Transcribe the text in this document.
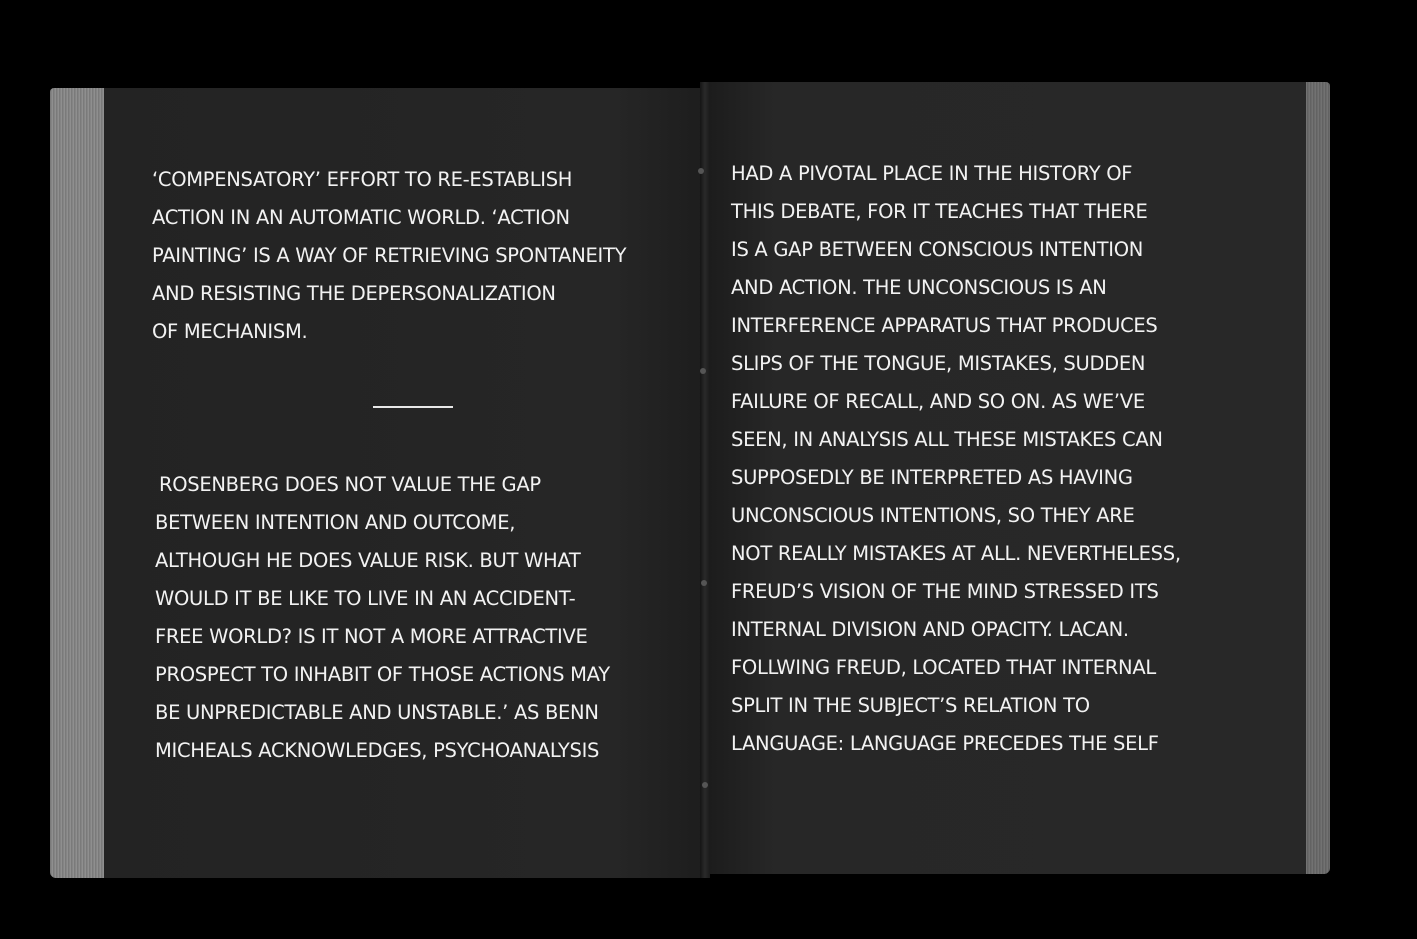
‘COMPENSATORY’ EFFORT TO RE-ESTABLISH
ACTION IN AN AUTOMATIC WORLD. ‘ACTION
PAINTING’ IS A WAY OF RETRIEVING SPONTANEITY
AND RESISTING THE DEPERSONALIZATION
OF MECHANISM.
ROSENBERG DOES NOT VALUE THE GAP
BETWEEN INTENTION AND OUTCOME,
ALTHOUGH HE DOES VALUE RISK. BUT WHAT
WOULD IT BE LIKE TO LIVE IN AN ACCIDENT-
FREE WORLD? IS IT NOT A MORE ATTRACTIVE
PROSPECT TO INHABIT OF THOSE ACTIONS MAY
BE UNPREDICTABLE AND UNSTABLE.’ AS BENN
MICHEALS ACKNOWLEDGES, PSYCHOANALYSIS
HAD A PIVOTAL PLACE IN THE HISTORY OF
THIS DEBATE, FOR IT TEACHES THAT THERE
IS A GAP BETWEEN CONSCIOUS INTENTION
AND ACTION. THE UNCONSCIOUS IS AN
INTERFERENCE APPARATUS THAT PRODUCES
SLIPS OF THE TONGUE, MISTAKES, SUDDEN
FAILURE OF RECALL, AND SO ON. AS WE’VE
SEEN, IN ANALYSIS ALL THESE MISTAKES CAN
SUPPOSEDLY BE INTERPRETED AS HAVING
UNCONSCIOUS INTENTIONS, SO THEY ARE
NOT REALLY MISTAKES AT ALL. NEVERTHELESS,
FREUD’S VISION OF THE MIND STRESSED ITS
INTERNAL DIVISION AND OPACITY. LACAN.
FOLLWING FREUD, LOCATED THAT INTERNAL
SPLIT IN THE SUBJECT’S RELATION TO
LANGUAGE: LANGUAGE PRECEDES THE SELF
